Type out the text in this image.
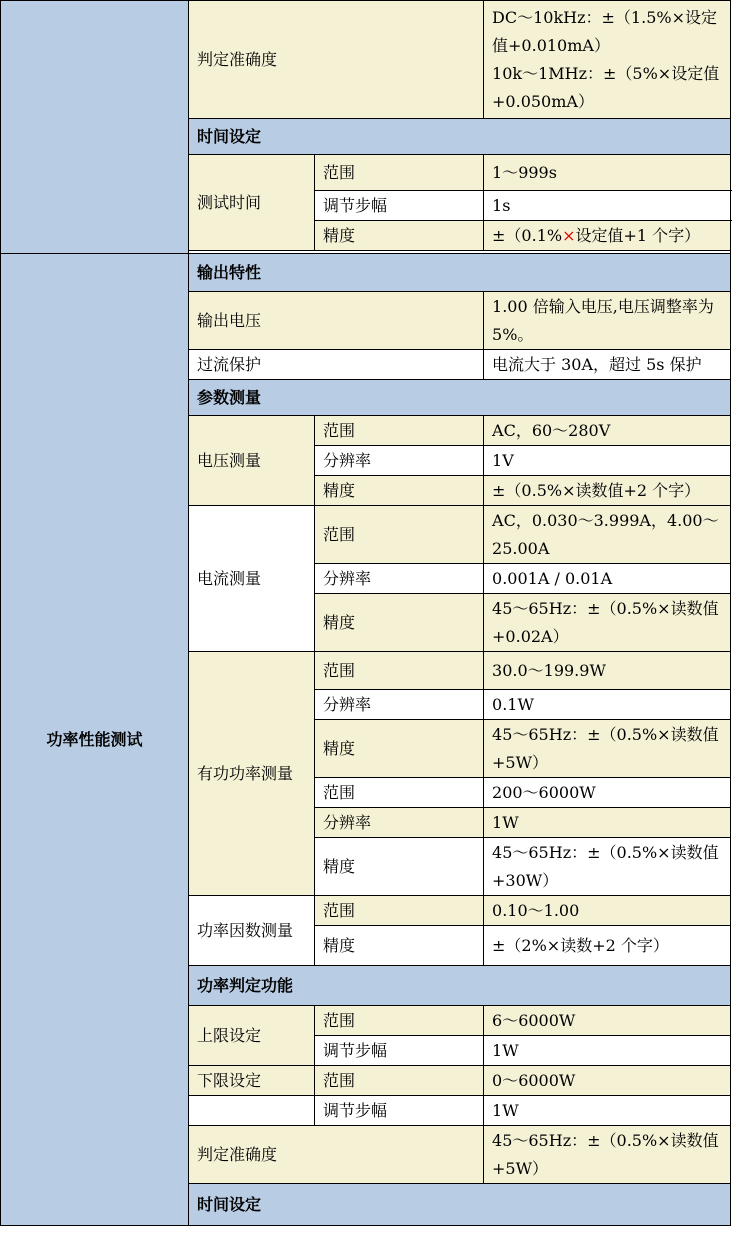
	判定准确度		DC～10kHz：±（1.5%×设定值+0.010mA）
10k～1MHz：±（5%×设定值+0.050mA）

	时间设定		
	测试时间	范围	1～999s
		调节步幅	1s
		精度	±（0.1%×设定值+1 个字）

功率性能测试	输出特性		
	输出电压		1.00 倍输入电压,电压调整率为 5%。
	过流保护		电流大于 30A，超过 5s 保护
	参数测量		
	电压测量	范围	AC，60～280V
		分辨率	1V
		精度	±（0.5%×读数值+2 个字）
	电流测量	范围	AC，0.030～3.999A，4.00～25.00A
		分辨率	0.001A / 0.01A
		精度	45～65Hz：±（0.5%×读数值+0.02A）
	有功功率测量	范围	30.0～199.9W
		分辨率	0.1W
		精度	45～65Hz：±（0.5%×读数值+5W）
		范围	200～6000W
		分辨率	1W
		精度	45～65Hz：±（0.5%×读数值+30W）
	功率因数测量	范围	0.10～1.00
		精度	±（2%×读数+2 个字）
	功率判定功能		
	上限设定	范围	6～6000W
		调节步幅	1W
	下限设定	范围	0～6000W
		调节步幅	1W
	判定准确度		45～65Hz：±（0.5%×读数值+5W）
	时间设定		
